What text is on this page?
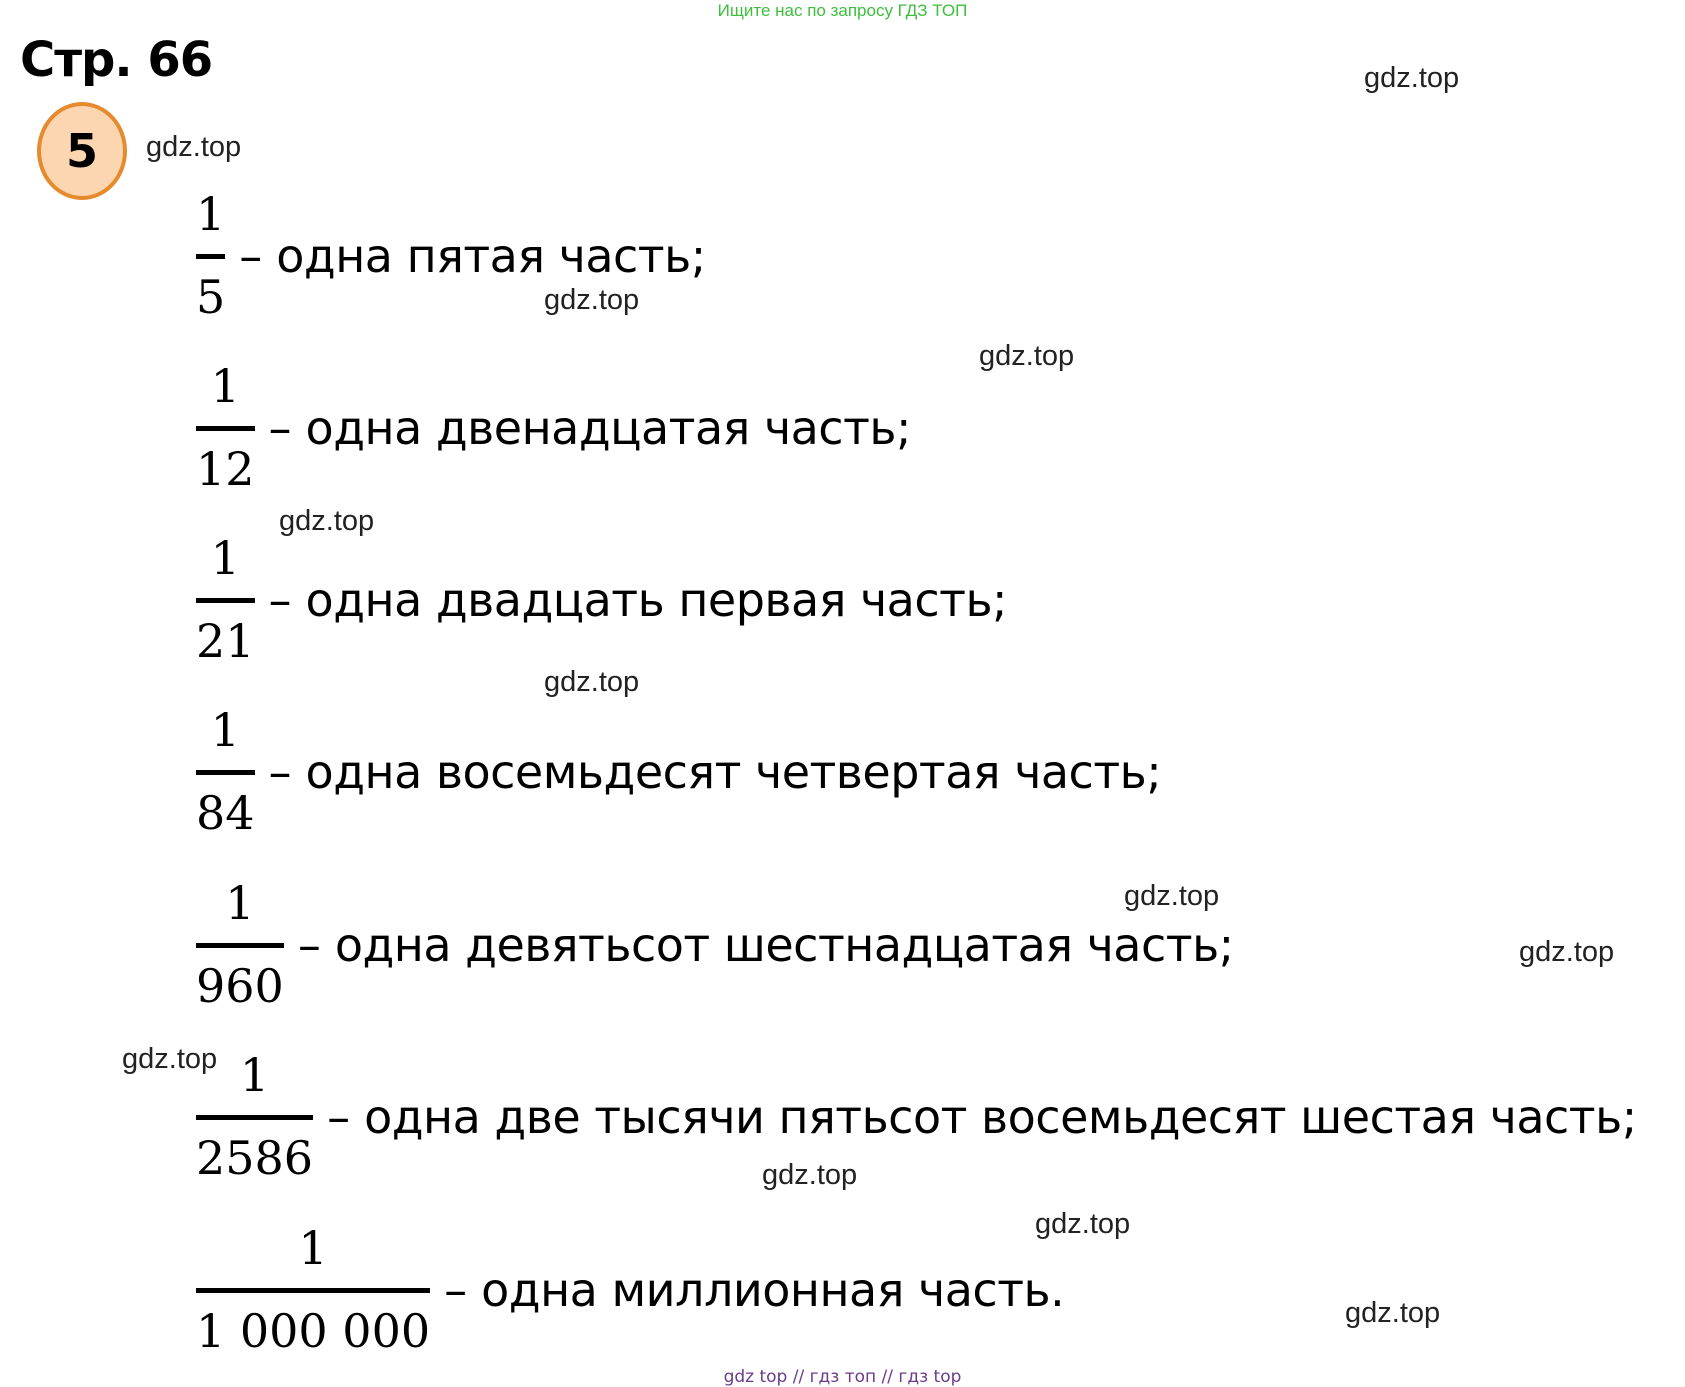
Ищите нас по запросу ГДЗ ТОП
Стр. 66
5
gdz.top
gdz.top
gdz.top
gdz.top
gdz.top
gdz.top
gdz.top
gdz.top
gdz.top
gdz.top
gdz.top
gdz.top
1
5
– одна пятая часть;
1
12
– одна двенадцатая часть;
1
21
– одна двадцать первая часть;
1
84
– одна восемьдесят четвертая часть;
1
960
– одна девятьсот шестнадцатая часть;
1
2586
– одна две тысячи пятьсот восемьдесят шестая часть;
1
1 000 000
– одна миллионная часть.
gdz top // гдз топ // гдз top
